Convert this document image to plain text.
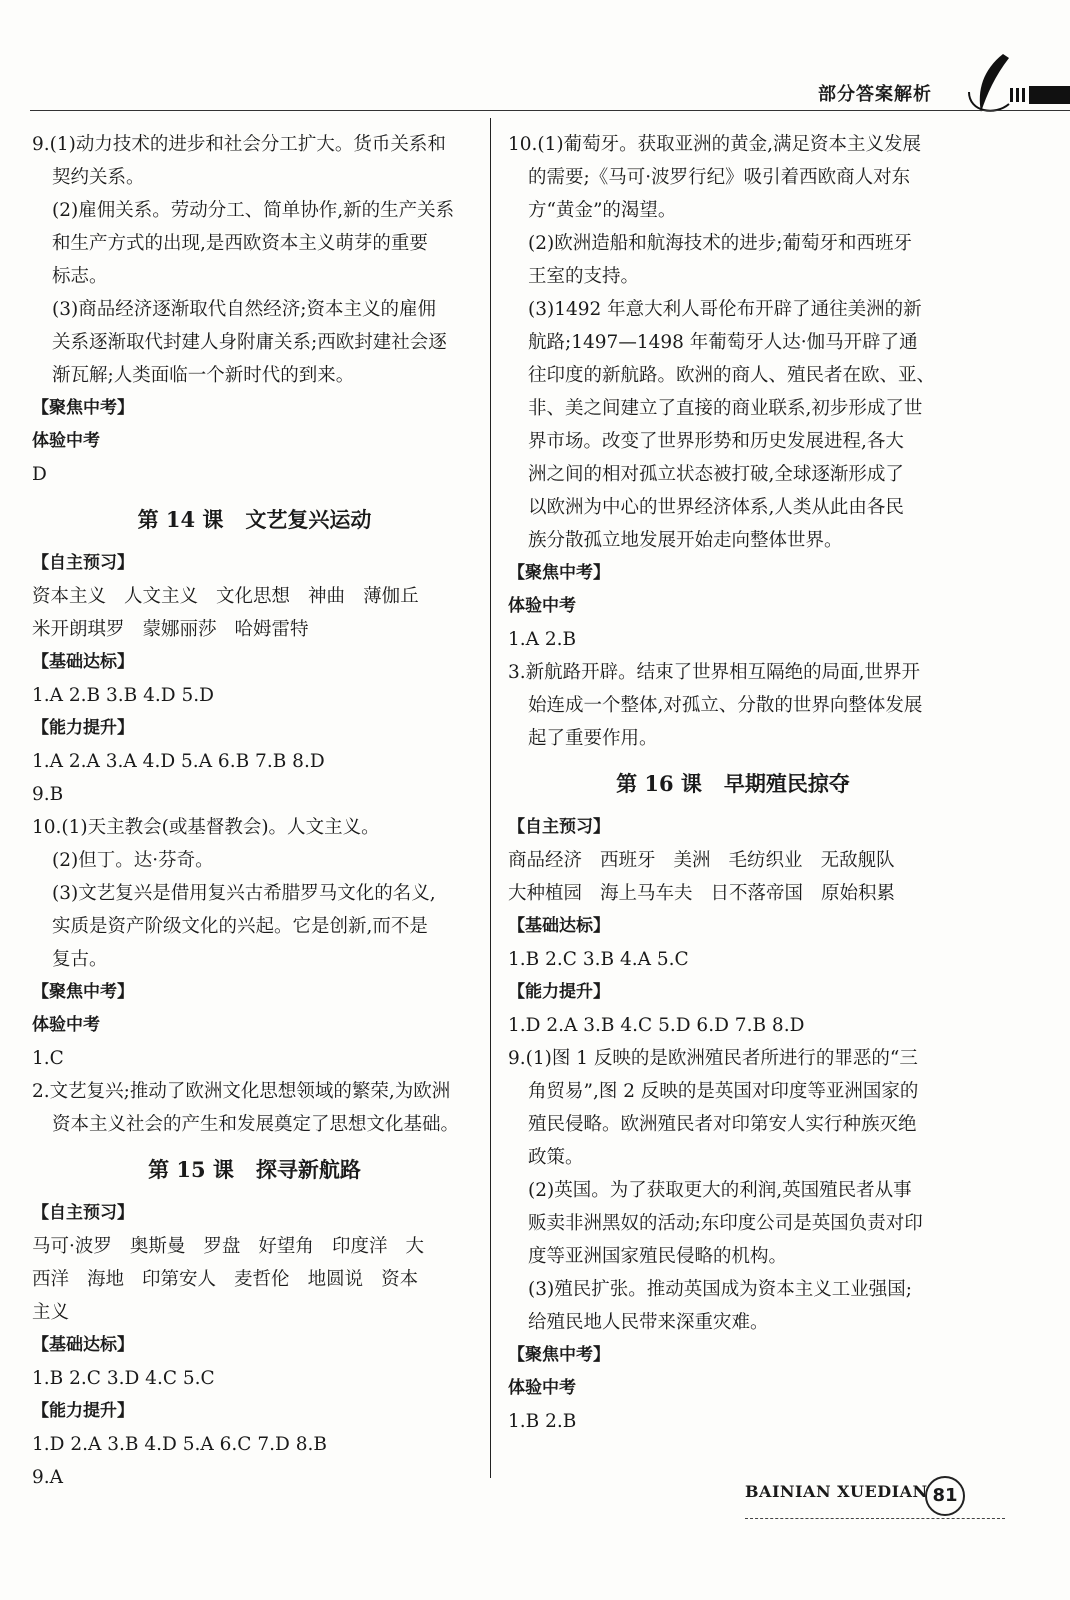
部分答案解析
9.(1)动力技术的进步和社会分工扩大。货币关系和
契约关系。
(2)雇佣关系。劳动分工、简单协作,新的生产关系
和生产方式的出现,是西欧资本主义萌芽的重要
标志。
(3)商品经济逐渐取代自然经济;资本主义的雇佣
关系逐渐取代封建人身附庸关系;西欧封建社会逐
渐瓦解;人类面临一个新时代的到来。
【聚焦中考】
体验中考
D
第 14 课 文艺复兴运动
【自主预习】
资本主义 人文主义 文化思想 神曲 薄伽丘
米开朗琪罗 蒙娜丽莎 哈姆雷特
【基础达标】
1.A 2.B 3.B 4.D 5.D
【能力提升】
1.A 2.A 3.A 4.D 5.A 6.B 7.B 8.D
9.B
10.(1)天主教会(或基督教会)。人文主义。
(2)但丁。达·芬奇。
(3)文艺复兴是借用复兴古希腊罗马文化的名义,
实质是资产阶级文化的兴起。它是创新,而不是
复古。
【聚焦中考】
体验中考
1.C
2.文艺复兴;推动了欧洲文化思想领域的繁荣,为欧洲
资本主义社会的产生和发展奠定了思想文化基础。
第 15 课 探寻新航路
【自主预习】
马可·波罗 奥斯曼 罗盘 好望角 印度洋 大
西洋 海地 印第安人 麦哲伦 地圆说 资本
主义
【基础达标】
1.B 2.C 3.D 4.C 5.C
【能力提升】
1.D 2.A 3.B 4.D 5.A 6.C 7.D 8.B
9.A
10.(1)葡萄牙。获取亚洲的黄金,满足资本主义发展
的需要;《马可·波罗行纪》吸引着西欧商人对东
方“黄金”的渴望。
(2)欧洲造船和航海技术的进步;葡萄牙和西班牙
王室的支持。
(3)1492 年意大利人哥伦布开辟了通往美洲的新
航路;1497—1498 年葡萄牙人达·伽马开辟了通
往印度的新航路。欧洲的商人、殖民者在欧、亚、
非、美之间建立了直接的商业联系,初步形成了世
界市场。改变了世界形势和历史发展进程,各大
洲之间的相对孤立状态被打破,全球逐渐形成了
以欧洲为中心的世界经济体系,人类从此由各民
族分散孤立地发展开始走向整体世界。
【聚焦中考】
体验中考
1.A 2.B
3.新航路开辟。结束了世界相互隔绝的局面,世界开
始连成一个整体,对孤立、分散的世界向整体发展
起了重要作用。
第 16 课 早期殖民掠夺
【自主预习】
商品经济 西班牙 美洲 毛纺织业 无敌舰队
大种植园 海上马车夫 日不落帝国 原始积累
【基础达标】
1.B 2.C 3.B 4.A 5.C
【能力提升】
1.D 2.A 3.B 4.C 5.D 6.D 7.B 8.D
9.(1)图 1 反映的是欧洲殖民者所进行的罪恶的“三
角贸易”,图 2 反映的是英国对印度等亚洲国家的
殖民侵略。欧洲殖民者对印第安人实行种族灭绝
政策。
(2)英国。为了获取更大的利润,英国殖民者从事
贩卖非洲黑奴的活动;东印度公司是英国负责对印
度等亚洲国家殖民侵略的机构。
(3)殖民扩张。推动英国成为资本主义工业强国;
给殖民地人民带来深重灾难。
【聚焦中考】
体验中考
1.B 2.B
BAINIAN XUEDIAN 81
